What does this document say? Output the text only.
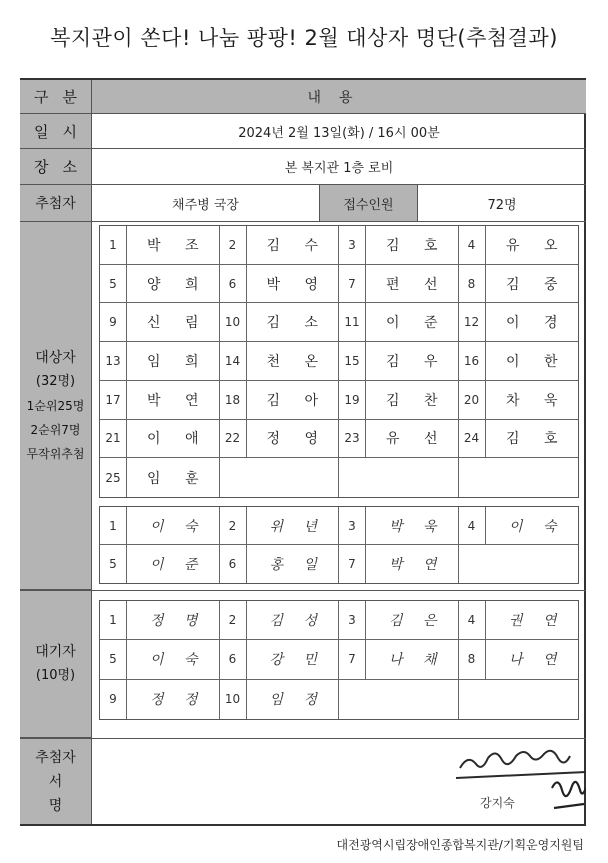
복지관이 쏜다! 나눔 팡팡! 2월 대상자 명단(추첨결과)
구분	내용
일시	2024년 2월 13일(화) / 16시 00분
장소	본 복지관 1층 로비
추첨자	채주병 국장	접수인원	72명
대상자
(32명)
1순위25명
2순위7명
무작위추첨
1	박 조	2	김 수	3	김 호	4	유 오
5	양 희	6	박 영	7	편 선	8	김 중
9	신 림	10	김 소	11	이 준	12	이 경
13	임 희	14	천 온	15	김 우	16	이 한
17	박 연	18	김 아	19	김 찬	20	차 욱
21	이 애	22	정 영	23	유 선	24	김 호
25	임 훈
1	이 숙	2	위 년	3	박 욱	4	이 숙
5	이 준	6	홍 일	7	박 연
대기자
(10명)
1	정 명	2	김 성	3	김 은	4	권 연
5	이 숙	6	강 민	7	나 채	8	나 연
9	정 정	10	임 정
추첨자
서 명	강지숙
대전광역시립장애인종합복지관/기획운영지원팀
